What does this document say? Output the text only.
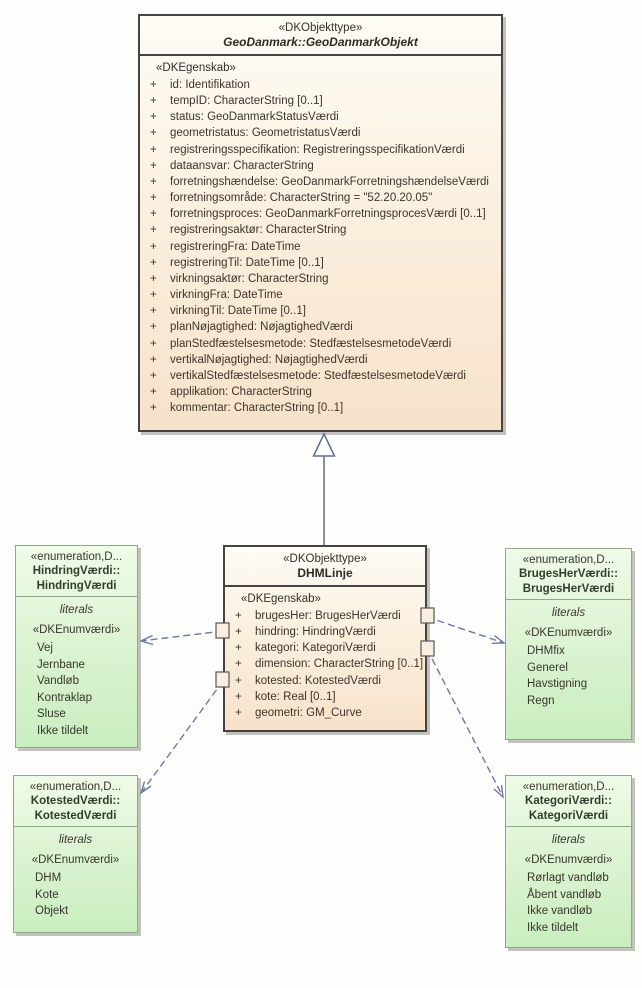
«DKObjekttype»
GeoDanmark::GeoDanmarkObjekt
«DKEgenskab»
+	id: Identifikation
+	tempID: CharacterString [0..1]
+	status: GeoDanmarkStatusVærdi
+	geometristatus: GeometristatusVærdi
+	registreringsspecifikation: RegistreringsspecifikationVærdi
+	dataansvar: CharacterString
+	forretningshændelse: GeoDanmarkForretningshændelseVærdi
+	forretningsområde: CharacterString = "52.20.20.05"
+	forretningsproces: GeoDanmarkForretningsprocesVærdi [0..1]
+	registreringsaktør: CharacterString
+	registreringFra: DateTime
+	registreringTil: DateTime [0..1]
+	virkningsaktør: CharacterString
+	virkningFra: DateTime
+	virkningTil: DateTime [0..1]
+	planNøjagtighed: NøjagtighedVærdi
+	planStedfæstelsesmetode: StedfæstelsesmetodeVærdi
+	vertikalNøjagtighed: NøjagtighedVærdi
+	vertikalStedfæstelsesmetode: StedfæstelsesmetodeVærdi
+	applikation: CharacterString
+	kommentar: CharacterString [0..1]
«DKObjekttype»
DHMLinje
«DKEgenskab»
+	brugesHer: BrugesHerVærdi
+	hindring: HindringVærdi
+	kategori: KategoriVærdi
+	dimension: CharacterString [0..1]
+	kotested: KotestedVærdi
+	kote: Real [0..1]
+	geometri: GM_Curve
«enumeration,D...
HindringVærdi::
HindringVærdi
literals
«DKEnumværdi»
Vej
Jernbane
Vandløb
Kontraklap
Sluse
Ikke tildelt
«enumeration,D...
BrugesHerVærdi::
BrugesHerVærdi
literals
«DKEnumværdi»
DHMfix
Generel
Havstigning
Regn
«enumeration,D...
KotestedVærdi::
KotestedVærdi
literals
«DKEnumværdi»
DHM
Kote
Objekt
«enumeration,D...
KategoriVærdi::
KategoriVærdi
literals
«DKEnumværdi»
Rørlagt vandløb
Åbent vandløb
Ikke vandløb
Ikke tildelt
